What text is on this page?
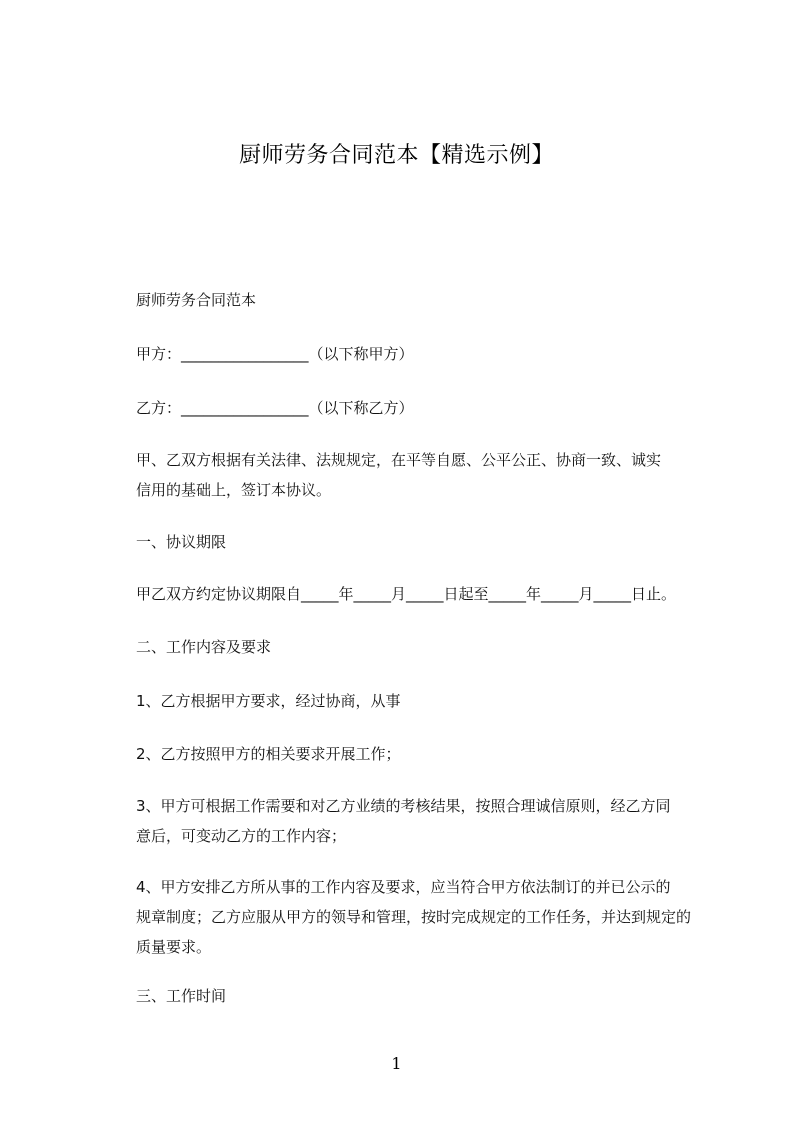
厨师劳务合同范本【精选示例】
厨师劳务合同范本
甲方：_________________（以下称甲方）
乙方：_________________（以下称乙方）
甲、乙双方根据有关法律、法规规定，在平等自愿、公平公正、协商一致、诚实
信用的基础上，签订本协议。
一、协议期限
甲乙双方约定协议期限自_____年_____月_____日起至_____年_____月_____日止。
二、工作内容及要求
1、乙方根据甲方要求，经过协商，从事
2、乙方按照甲方的相关要求开展工作；
3、甲方可根据工作需要和对乙方业绩的考核结果，按照合理诚信原则，经乙方同
意后，可变动乙方的工作内容；
4、甲方安排乙方所从事的工作内容及要求，应当符合甲方依法制订的并已公示的
规章制度；乙方应服从甲方的领导和管理，按时完成规定的工作任务，并达到规定的
质量要求。
三、工作时间
1
